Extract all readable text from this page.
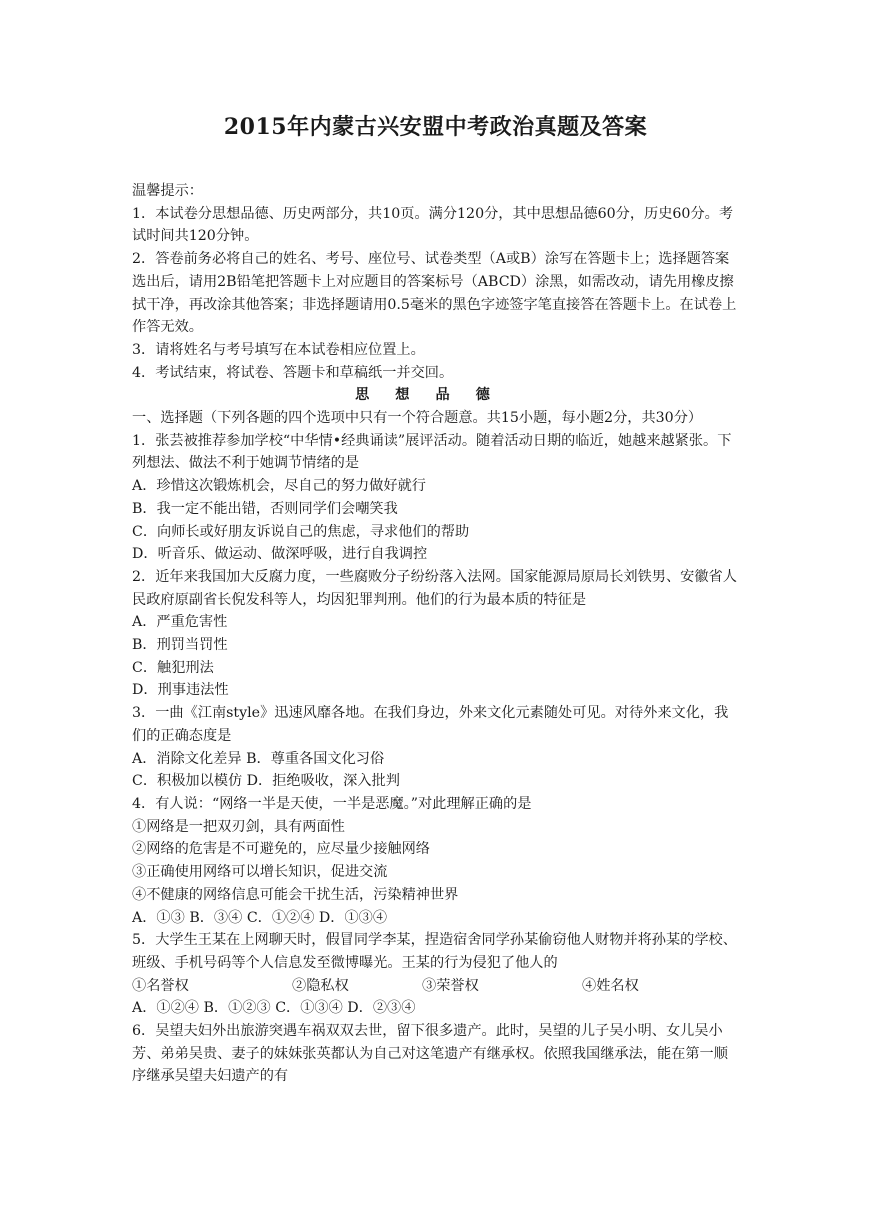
2015年内蒙古兴安盟中考政治真题及答案

温馨提示：

1．本试卷分思想品德、历史两部分，共10页。满分120分，其中思想品德60分，历史60分。考试时间共120分钟。

2．答卷前务必将自己的姓名、考号、座位号、试卷类型（A或B）涂写在答题卡上；选择题答案选出后，请用2B铅笔把答题卡上对应题目的答案标号（ABCD）涂黑，如需改动，请先用橡皮擦拭干净，再改涂其他答案；非选择题请用0.5毫米的黑色字迹签字笔直接答在答题卡上。在试卷上作答无效。

3．请将姓名与考号填写在本试卷相应位置上。

4．考试结束，将试卷、答题卡和草稿纸一并交回。

思想品德

一、选择题（下列各题的四个选项中只有一个符合题意。共15小题，每小题2分，共30分）

1．张芸被推荐参加学校“中华情•经典诵读”展评活动。随着活动日期的临近，她越来越紧张。下列想法、做法不利于她调节情绪的是

A．珍惜这次锻炼机会，尽自己的努力做好就行

B．我一定不能出错，否则同学们会嘲笑我

C．向师长或好朋友诉说自己的焦虑，寻求他们的帮助

D．听音乐、做运动、做深呼吸，进行自我调控

2．近年来我国加大反腐力度，一些腐败分子纷纷落入法网。国家能源局原局长刘铁男、安徽省人民政府原副省长倪发科等人，均因犯罪判刑。他们的行为最本质的特征是

A．严重危害性

B．刑罚当罚性

C．触犯刑法

D．刑事违法性

3．一曲《江南style》迅速风靡各地。在我们身边，外来文化元素随处可见。对待外来文化，我们的正确态度是

A．消除文化差异 B．尊重各国文化习俗

C．积极加以模仿 D．拒绝吸收，深入批判

4．有人说：“网络一半是天使，一半是恶魔。”对此理解正确的是

①网络是一把双刃剑，具有两面性

②网络的危害是不可避免的，应尽量少接触网络

③正确使用网络可以增长知识，促进交流

④不健康的网络信息可能会干扰生活，污染精神世界

A．①③ B．③④ C．①②④ D．①③④

5．大学生王某在上网聊天时，假冒同学李某，捏造宿舍同学孙某偷窃他人财物并将孙某的学校、班级、手机号码等个人信息发至微博曝光。王某的行为侵犯了他人的

①名誉权	②隐私权	③荣誉权	④姓名权

A．①②④ B．①②③ C．①③④ D．②③④

6．吴望夫妇外出旅游突遇车祸双双去世，留下很多遗产。此时，吴望的儿子吴小明、女儿吴小芳、弟弟吴贵、妻子的妹妹张英都认为自己对这笔遗产有继承权。依照我国继承法，能在第一顺序继承吴望夫妇遗产的有
